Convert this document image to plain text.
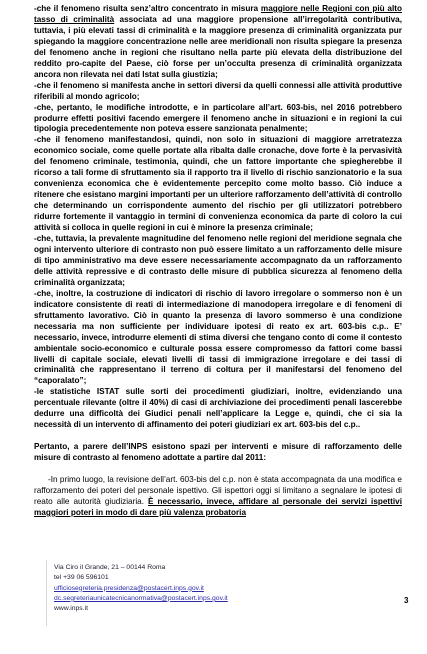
-che il fenomeno risulta senz’altro concentrato in misura maggiore nelle Regioni con più alto tasso di criminalità associata ad una maggiore propensione all’irregolarità contributiva, tuttavia, i più elevati tassi di criminalità e la maggiore presenza di criminalità organizzata pur spiegando la maggiore concentrazione nelle aree meridionali non risulta spiegare la presenza del fenomeno anche in regioni che risultano nella parte più elevata della distribuzione del reddito pro-capite del Paese, ciò forse per un’occulta presenza di criminalità organizzata ancora non rilevata nei dati Istat sulla giustizia;

-che il fenomeno si manifesta anche in settori diversi da quelli connessi alle attività produttive riferibili al mondo agricolo;

-che, pertanto, le modifiche introdotte, e in particolare all’art. 603-bis, nel 2016 potrebbero produrre effetti positivi facendo emergere il fenomeno anche in situazioni e in regioni la cui tipologia precedentemente non poteva essere sanzionata penalmente;

-che il fenomeno manifestandosi, quindi, non solo in situazioni di maggiore arretratezza economico sociale, come quelle portate alla ribalta dalle cronache, dove forte è la pervasività del fenomeno criminale, testimonia, quindi, che un fattore importante che spiegherebbe il ricorso a tali forme di sfruttamento sia il rapporto tra il livello di rischio sanzionatorio e la sua convenienza economica che è evidentemente percepito come molto basso. Ciò induce a ritenere che esistano margini importanti per un ulteriore rafforzamento dell’attività di controllo che determinando un corrispondente aumento del rischio per gli utilizzatori potrebbero ridurre fortemente il vantaggio in termini di convenienza economica da parte di coloro la cui attività si colloca in quelle regioni in cui è minore la presenza criminale;

-che, tuttavia, la prevalente magnitudine del fenomeno nelle regioni del meridione segnala che ogni intervento ulteriore di contrasto non può essere limitato a un rafforzamento delle misure di tipo amministrativo ma deve essere necessariamente accompagnato da un rafforzamento delle attività repressive e di contrasto delle misure di pubblica sicurezza al fenomeno della criminalità organizzata;

-che, inoltre, la costruzione di indicatori di rischio di lavoro irregolare o sommerso non è un indicatore consistente di reati di intermediazione di manodopera irregolare e di fenomeni di sfruttamento lavorativo. Ciò in quanto la presenza di lavoro sommerso è una condizione necessaria ma non sufficiente per individuare ipotesi di reato ex art. 603-bis c.p.. E’ necessario, invece, introdurre elementi di stima diversi che tengano conto di come il contesto ambientale socio-economico e culturale possa essere compromesso da fattori come bassi livelli di capitale sociale, elevati livelli di tassi di immigrazione irregolare e dei tassi di criminalità che rappresentano il terreno di coltura per il manifestarsi del fenomeno del “caporalato”;

-le statistiche ISTAT sulle sorti dei procedimenti giudiziari, inoltre, evidenziando una percentuale rilevante (oltre il 40%) di casi di archiviazione dei procedimenti penali lascerebbe dedurre una difficoltà dei Giudici penali nell’applicare la Legge e, quindi, che ci sia la necessità di un intervento di affinamento dei poteri giudiziari ex art. 603-bis del c.p..

Pertanto, a parere dell’INPS esistono spazi per interventi e misure di rafforzamento delle misure di contrasto al fenomeno adottate a partire dal 2011:

-In primo luogo, la revisione dell’art. 603-bis del c.p. non è stata accompagnata da una modifica e rafforzamento dei poteri del personale ispettivo. Gli ispettori oggi si limitano a segnalare le ipotesi di reato alle autorità giudiziaria. È necessario, invece, affidare al personale dei servizi ispettivi maggiori poteri in modo di dare più valenza probatoria

Via Ciro il Grande, 21 – 00144 Roma
tel +39 06 596101
ufficiosegreteria.presidenza@postacert.inps.gov.it
dc.segreteriaunicatecnicanormativa@postacert.inps.gov.it
www.inps.it
3
